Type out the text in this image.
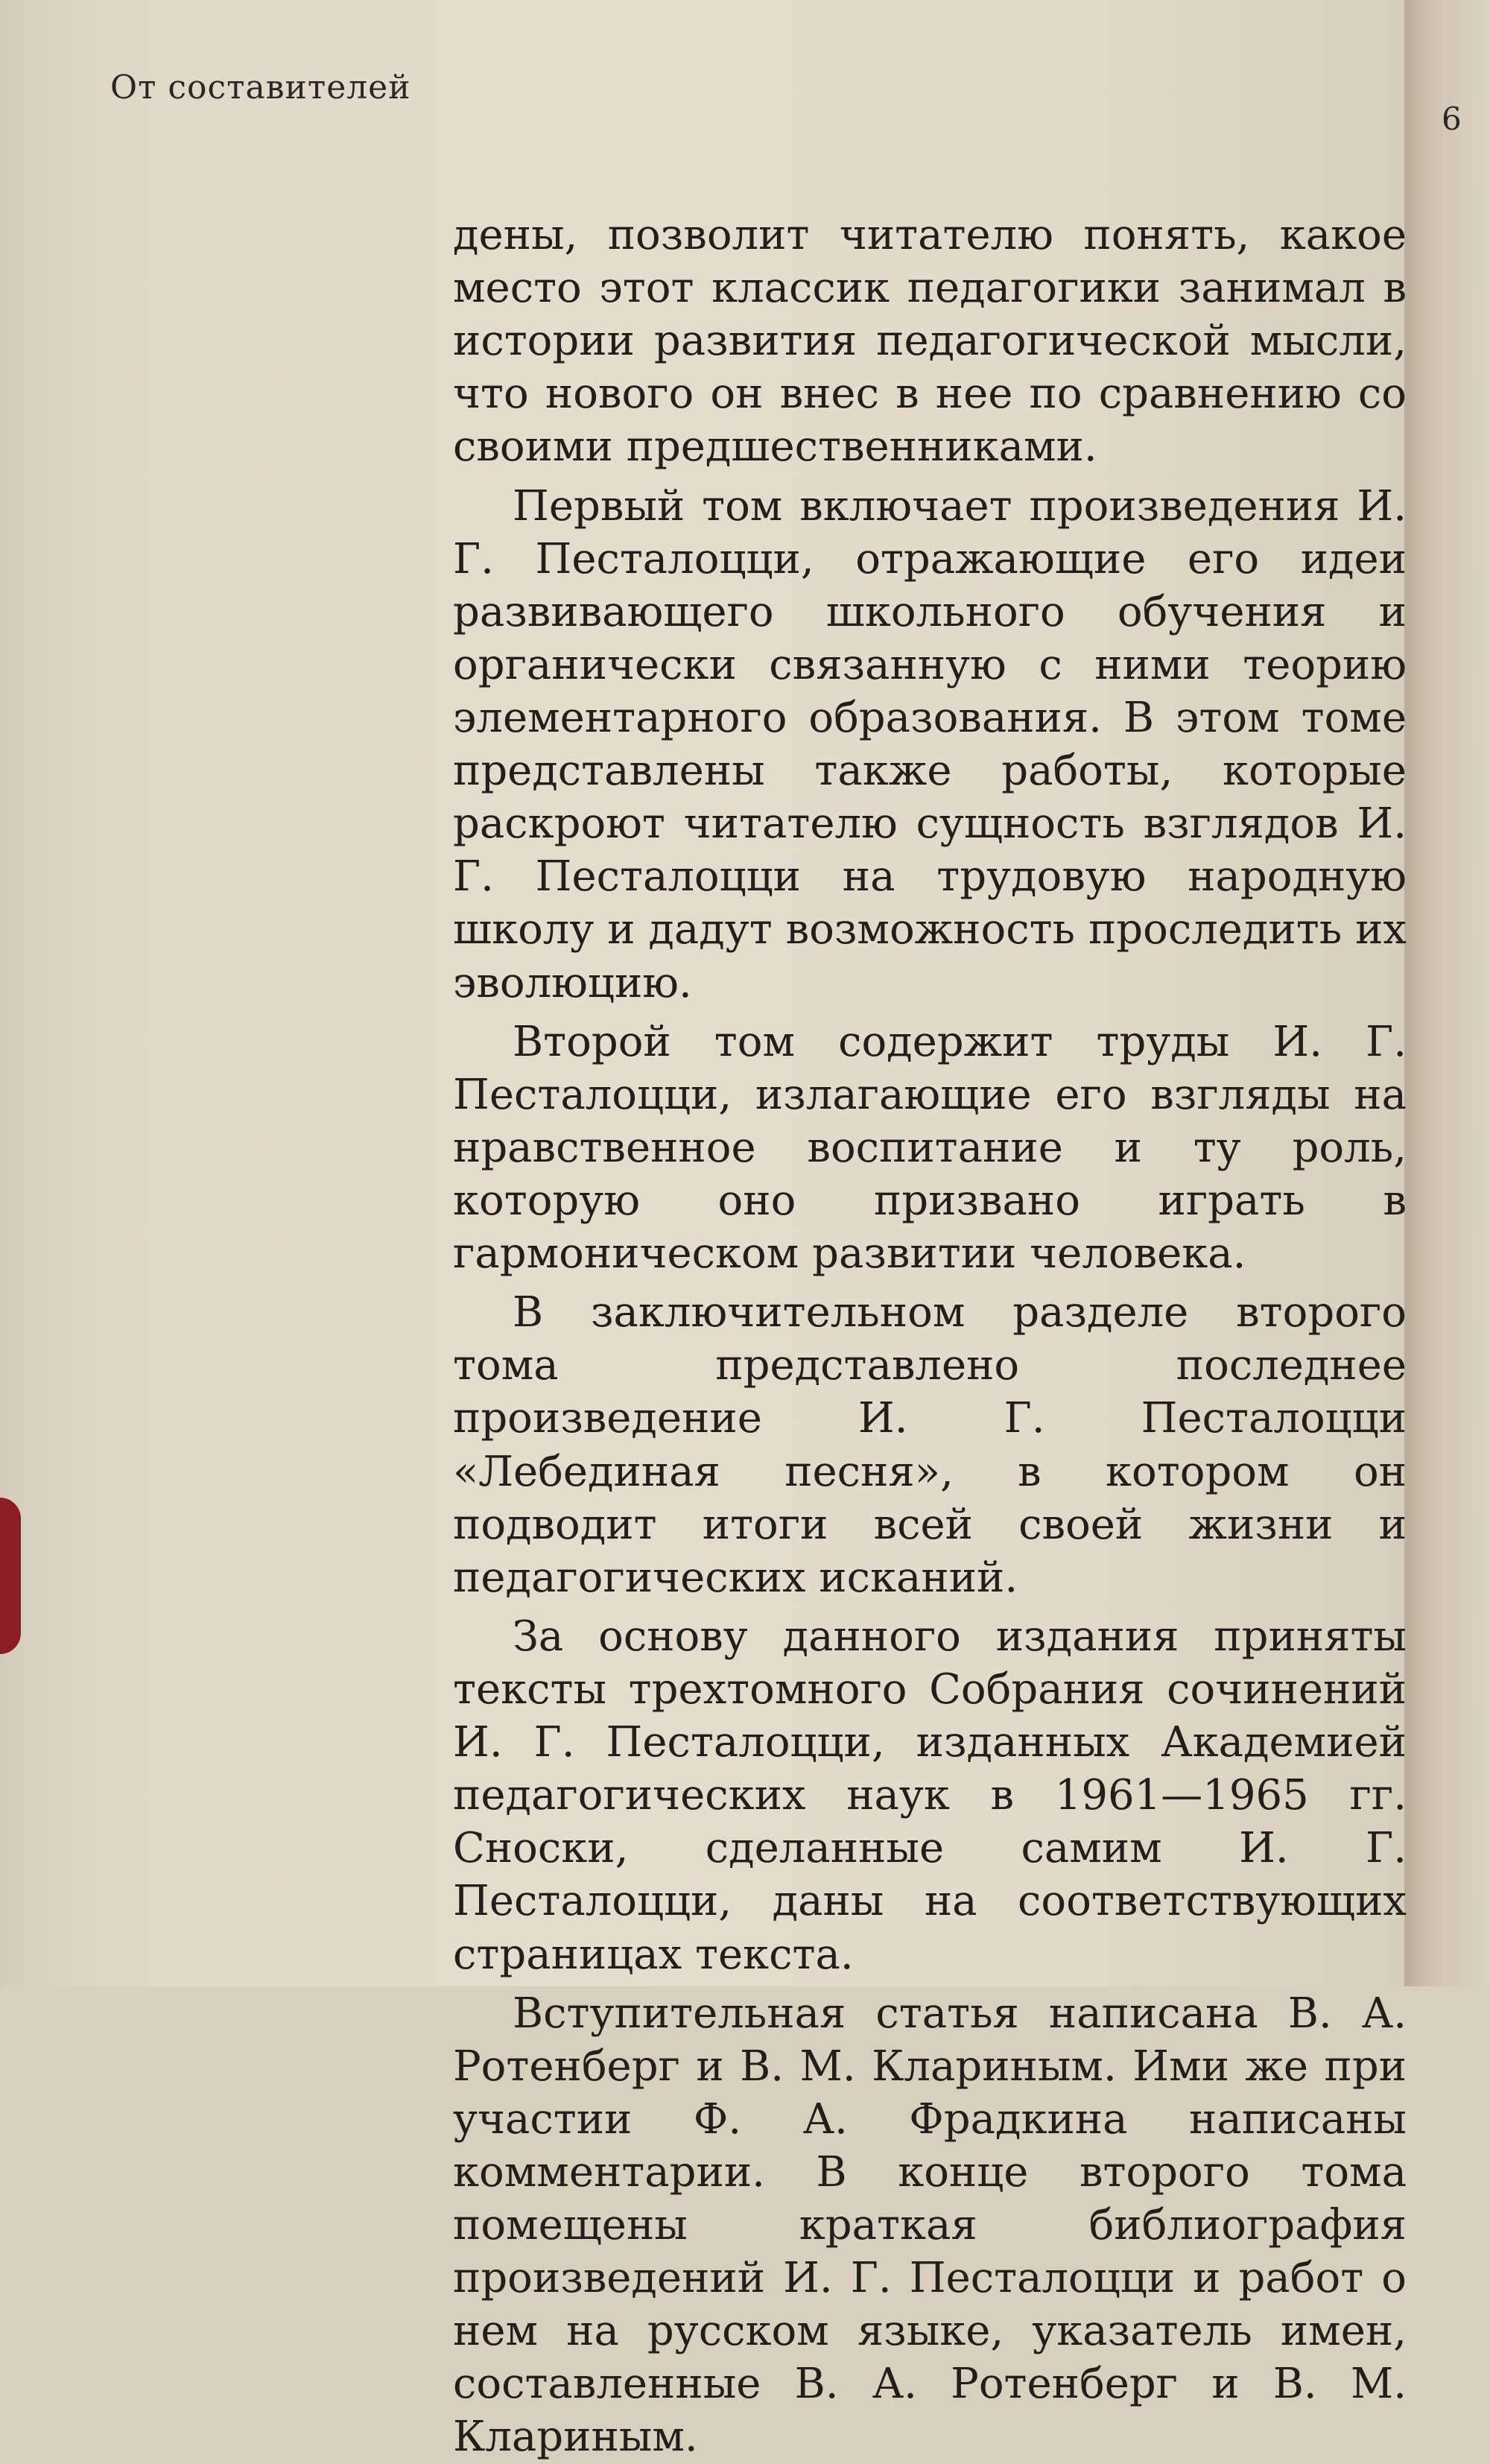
От составителей
6

дены, позволит читателю понять, какое место этот классик педагогики занимал в истории развития педагогической мысли, что нового он внес в нее по сравнению со своими предшественниками.

Первый том включает произведения И. Г. Песталоцци, отражающие его идеи развивающего школьного обучения и органически связанную с ними теорию элементарного образования. В этом томе представлены также работы, которые раскроют читателю сущность взглядов И. Г. Песталоцци на трудовую народную школу и дадут возможность проследить их эволюцию.

Второй том содержит труды И. Г. Песталоцци, излагающие его взгляды на нравственное воспитание и ту роль, которую оно призвано играть в гармоническом развитии человека.

В заключительном разделе второго тома представлено последнее произведение И. Г. Песталоцци «Лебединая песня», в котором он подводит итоги всей своей жизни и педагогических исканий.

За основу данного издания приняты тексты трехтомного Собрания сочинений И. Г. Песталоцци, изданных Академией педагогических наук в 1961—1965 гг. Сноски, сделанные самим И. Г. Песталоцци, даны на соответствующих страницах текста.

Вступительная статья написана В. А. Ротенберг и В. М. Клариным. Ими же при участии Ф. А. Фрадкина написаны комментарии. В конце второго тома помещены краткая библиография произведений И. Г. Песталоцци и работ о нем на русском языке, указатель имен, составленные В. А. Ротенберг и В. М. Клариным.
